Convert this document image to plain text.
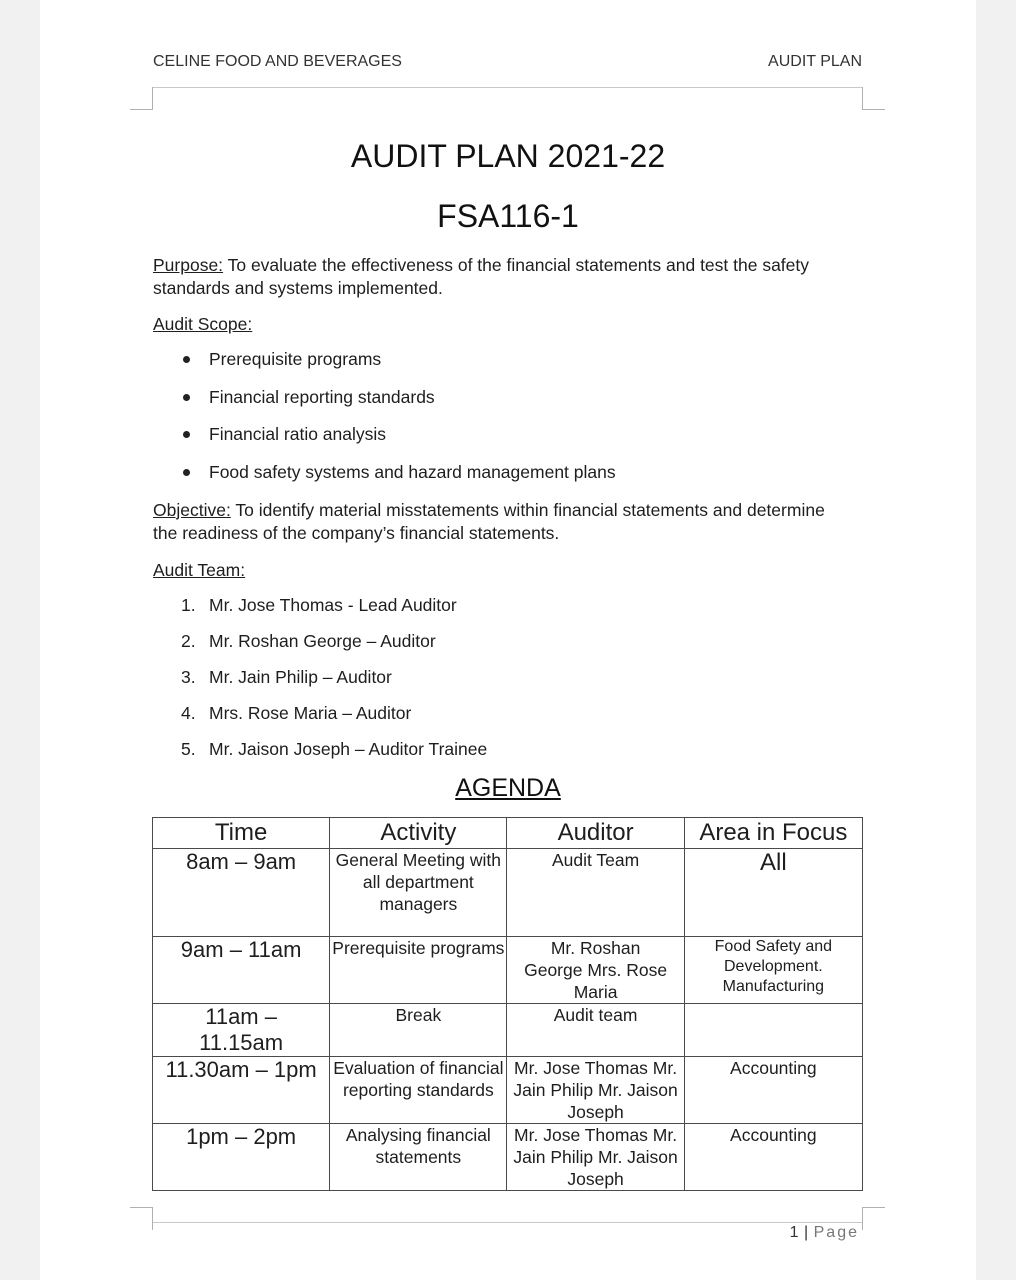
CELINE FOOD AND BEVERAGES	AUDIT PLAN
AUDIT PLAN 2021-22
FSA116-1
Purpose: To evaluate the effectiveness of the financial statements and test the safety standards and systems implemented.
Audit Scope:
Prerequisite programs
Financial reporting standards
Financial ratio analysis
Food safety systems and hazard management plans
Objective: To identify material misstatements within financial statements and determine the readiness of the company’s financial statements.
Audit Team:
1. Mr. Jose Thomas - Lead Auditor
2. Mr. Roshan George – Auditor
3. Mr. Jain Philip – Auditor
4. Mrs. Rose Maria – Auditor
5. Mr. Jaison Joseph – Auditor Trainee
AGENDA
Time	Activity	Auditor	Area in Focus
8am – 9am	General Meeting with all department managers	Audit Team	All
9am – 11am	Prerequisite programs	Mr. Roshan George Mrs. Rose Maria	Food Safety and Development. Manufacturing
11am – 11.15am	Break	Audit team	
11.30am – 1pm	Evaluation of financial reporting standards	Mr. Jose Thomas Mr. Jain Philip Mr. Jaison Joseph	Accounting
1pm – 2pm	Analysing financial statements	Mr. Jose Thomas Mr. Jain Philip Mr. Jaison Joseph	Accounting
1 | Page
